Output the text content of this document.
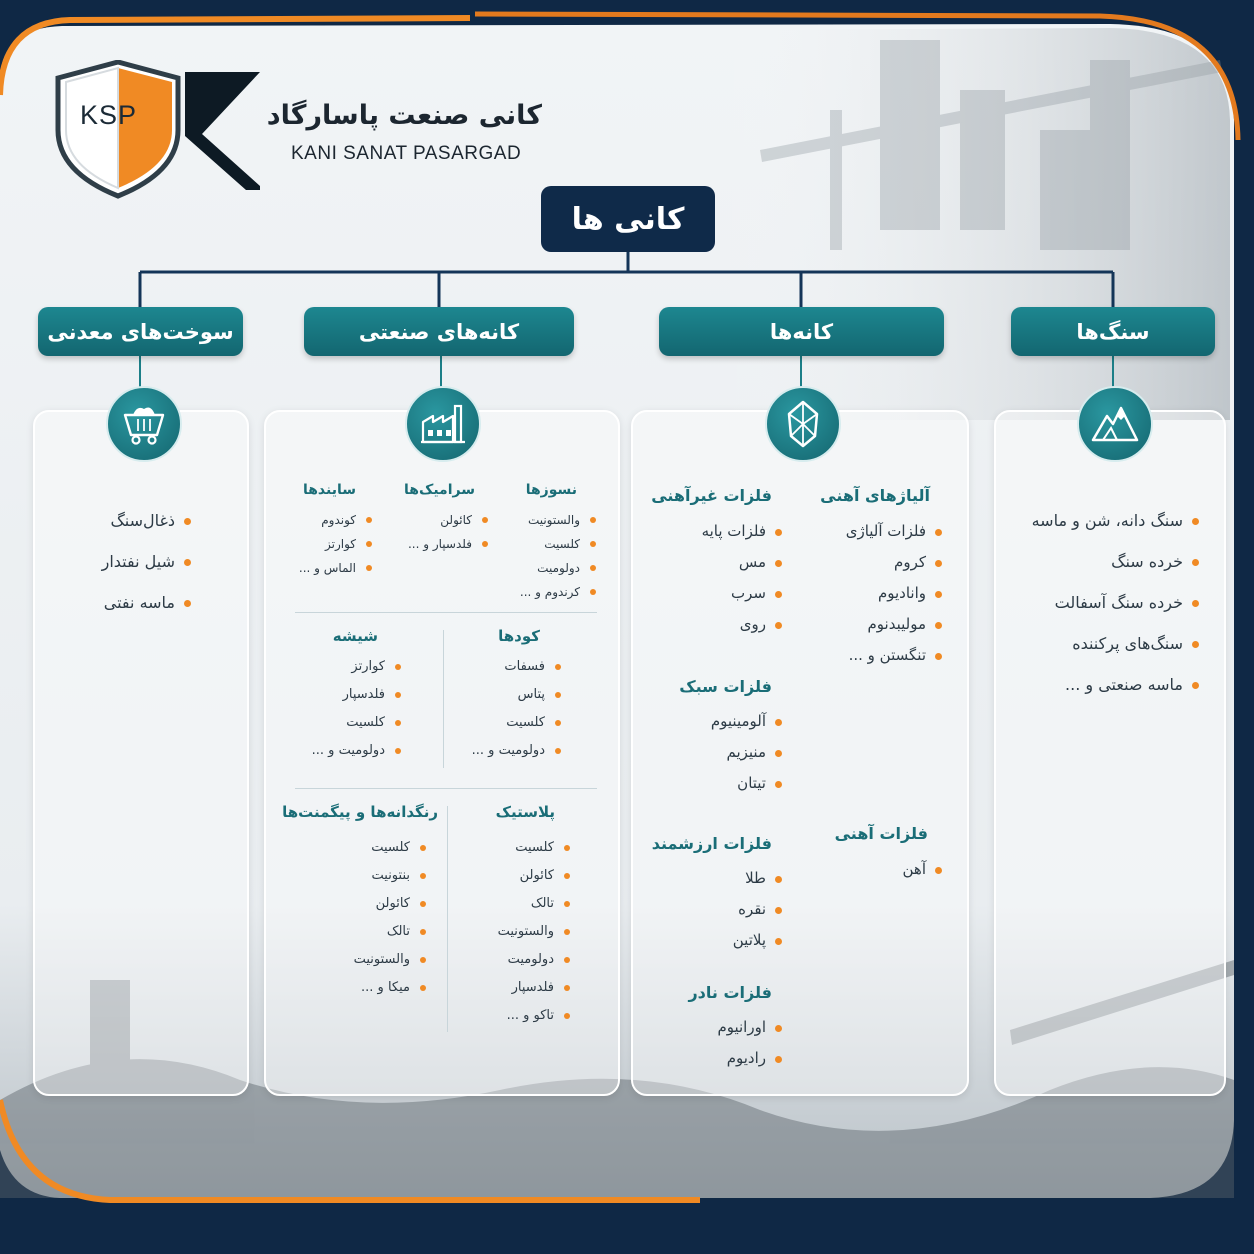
KSP	کانی صنعت پاسارگاد
KANI SANAT PASARGAD
کانی ها
سنگ‌ها
کانه‌ها
کانه‌های صنعتی
سوخت‌های معدنی
سنگ دانه، شن و ماسه
خرده سنگ
خرده سنگ آسفالت
سنگ‌های پرکننده
ماسه صنعتی و ...
آلیاژهای آهنی
فلزات آلیاژی
کروم
وانادیوم
مولیبدنوم
تنگستن و ...
فلزات آهنی
آهن
فلزات غیرآهنی
فلزات پایه
مس
سرب
روی
فلزات سبک
آلومینیوم
منیزیم
تیتان
فلزات ارزشمند
طلا
نقره
پلاتین
فلزات نادر
اورانیوم
رادیوم
نسوزها
والستونیت
کلسیت
دولومیت
کرندوم و ...
سرامیک‌ها
کائولن
فلدسپار و ...
سایندها
کوندوم
کوارتز
الماس و ...
کودها
فسفات
پتاس
کلسیت
دولومیت و ...
شیشه
کوارتز
فلدسپار
کلسیت
دولومیت و ...
پلاستیک
کلسیت
کائولن
تالک
والستونیت
دولومیت
فلدسپار
تاکو و ...
رنگدانه‌ها و پیگمنت‌ها
کلسیت
بنتونیت
کائولن
تالک
والستونیت
میکا و ...
ذغال‌سنگ
شیل نفتدار
ماسه نفتی
